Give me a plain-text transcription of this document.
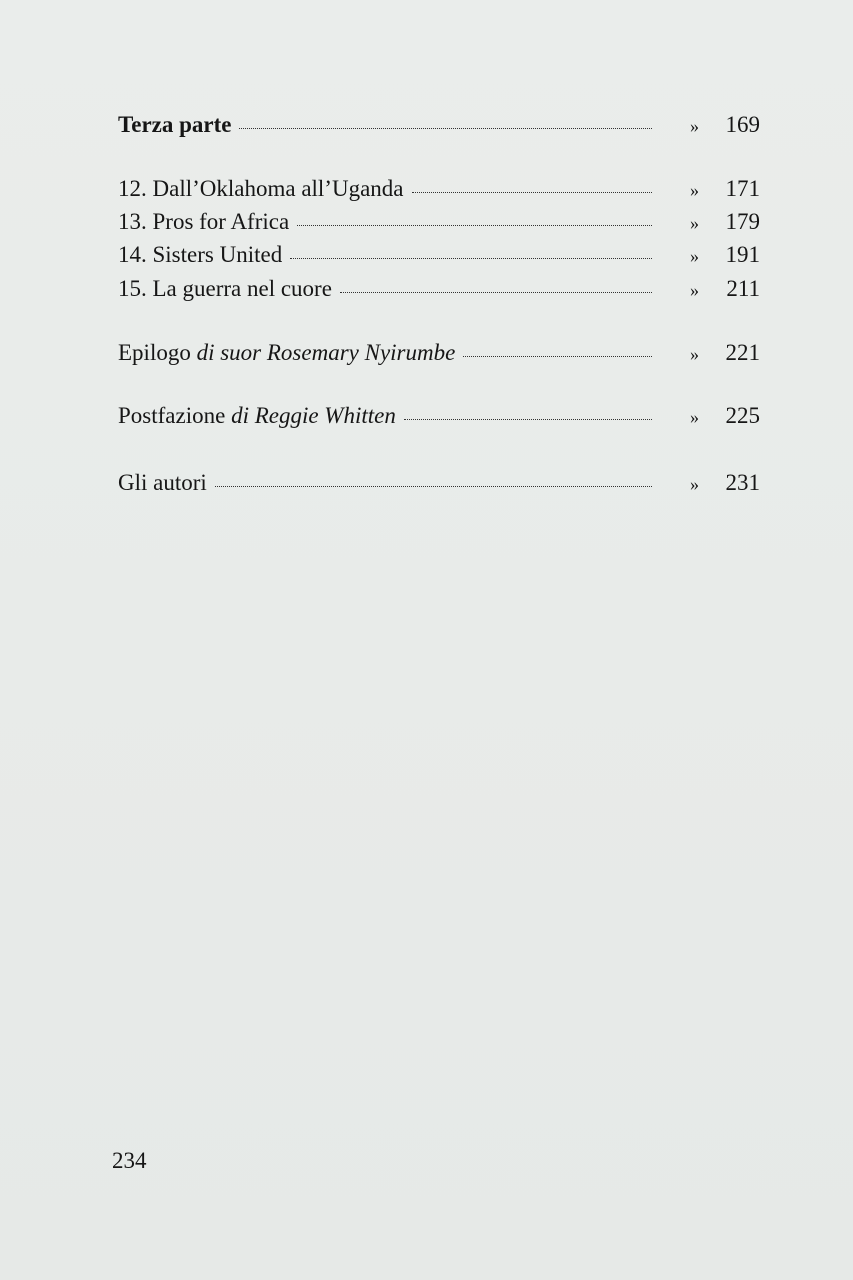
Terza parte	»	169
12. Dall’Oklahoma all’Uganda	»	171
13. Pros for Africa	»	179
14. Sisters United	»	191
15. La guerra nel cuore	»	211
Epilogo di suor Rosemary Nyirumbe	»	221
Postfazione di Reggie Whitten	»	225
Gli autori	»	231
234
